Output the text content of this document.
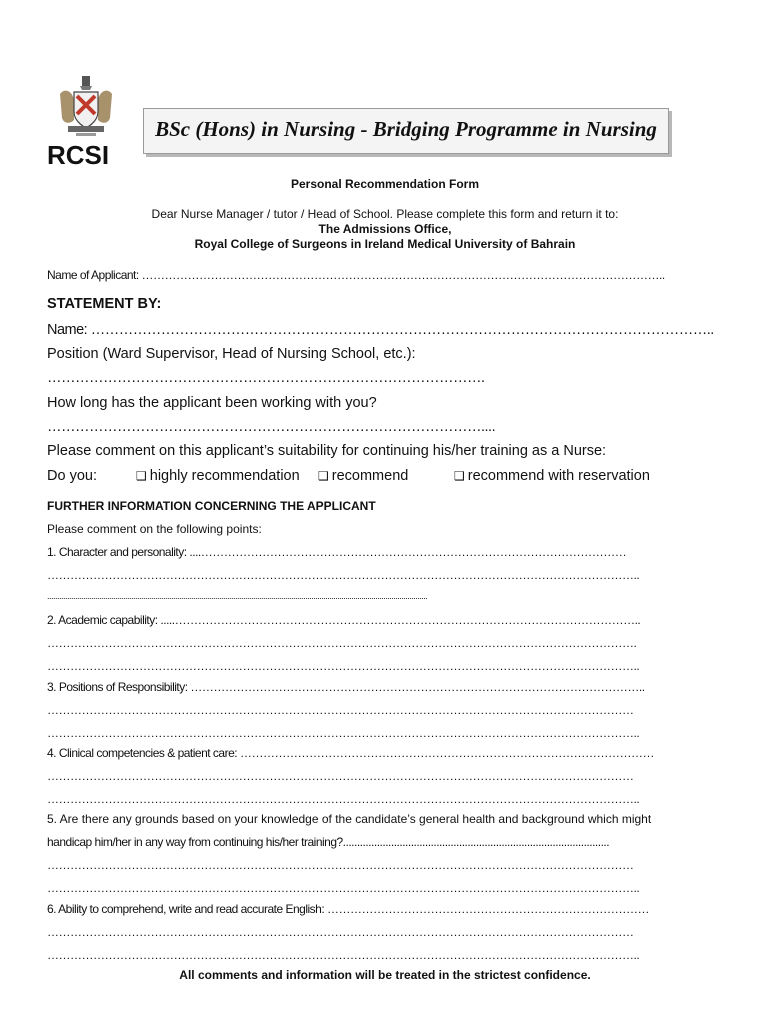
RCSI
BSc (Hons) in Nursing - Bridging Programme in Nursing
Personal Recommendation Form
Dear Nurse Manager / tutor / Head of School. Please complete this form and return it to:
The Admissions Office,
Royal College of Surgeons in Ireland Medical University of Bahrain
Name of Applicant: ………………………………………………………………………………………………………………………..
STATEMENT BY:
Name: ……………………………………………………………………………………………………………………..
Position (Ward Supervisor, Head of Nursing School, etc.):
………………………………………………………………………………….
How long has the applicant been working with you?
…………………………………………………………………………………....
Please comment on this applicant’s suitability for continuing his/her training as a Nurse:
Do you:	❑ highly recommendation ❑ recommend	❑ recommend with reservation
FURTHER INFORMATION CONCERNING THE APPLICANT
Please comment on the following points:
1. Character and personality: ....…………………………………………………………………………………………………
………………………………………………………………………………………………………………………………………..
..............................................................................................................................................................................................
2. Academic capability: .....…………………………………………………………………………………………………………..
……………………………………………………………………………………………………………………………………….
………………………………………………………………………………………………………………………………………..
3. Positions of Responsibility: ………………………………………………………………………………………………………..
………………………………………………………………………………………………………………………………………
………………………………………………………………………………………………………………………………………..
4. Clinical competencies & patient care: ………………………………………………………………………………………………
………………………………………………………………………………………………………………………………………
………………………………………………………………………………………………………………………………………..
5. Are there any grounds based on your knowledge of the candidate’s general health and background which might
handicap him/her in any way from continuing his/her training?..............................................................................................
………………………………………………………………………………………………………………………………………
………………………………………………………………………………………………………………………………………..
6. Ability to comprehend, write and read accurate English: …………………………………………………………………………
………………………………………………………………………………………………………………………………………
………………………………………………………………………………………………………………………………………..
All comments and information will be treated in the strictest confidence.
